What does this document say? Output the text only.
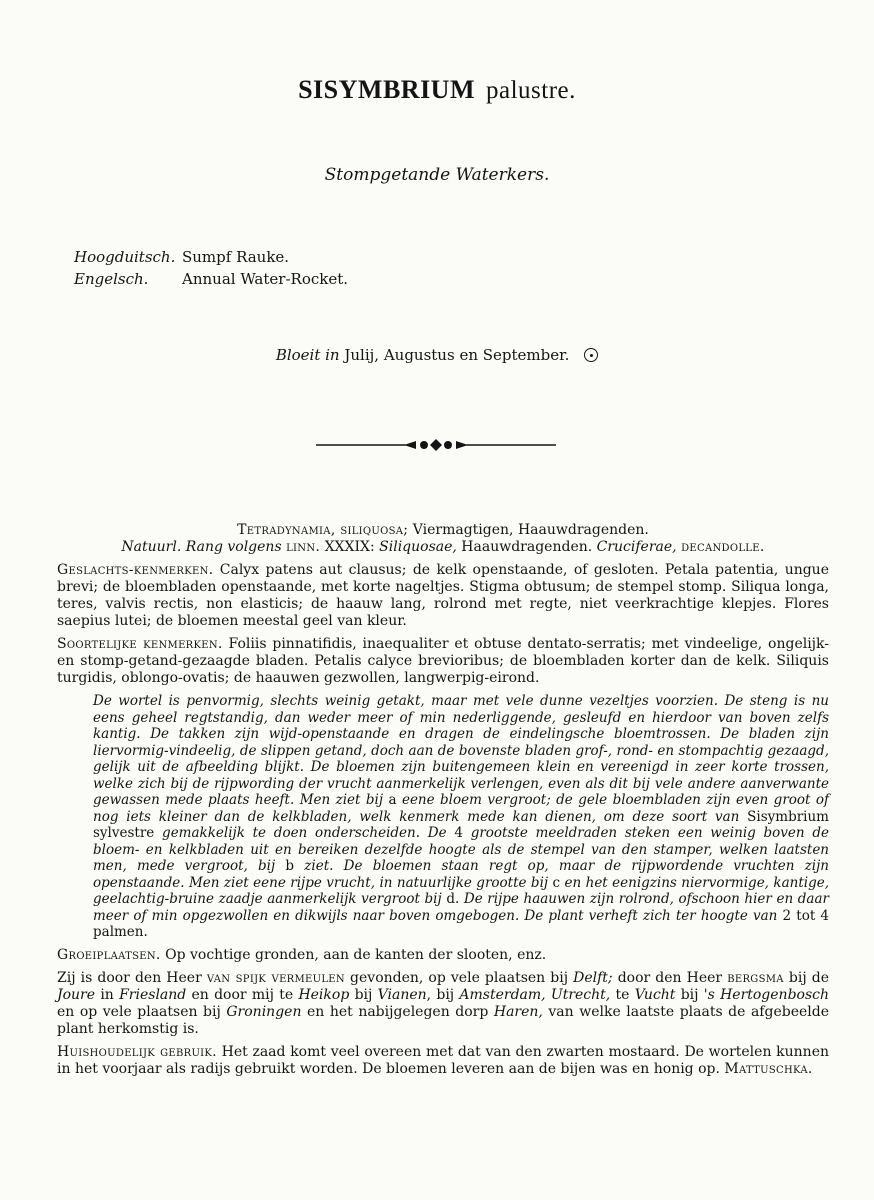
SISYMBRIUM palustre.
Stompgetande Waterkers.
Hoogduitsch. Sumpf Rauke.
Engelsch.	Annual Water-Rocket.
Bloeit in Julij, Augustus en September.
Tetradynamia, siliquosa; Viermagtigen, Haauwdragenden.
Natuurl. Rang volgens linn. XXXIX: Siliquosae, Haauwdragenden. Cruciferae, decandolle.

Geslachts-kenmerken. Calyx patens aut clausus; de kelk openstaande, of gesloten. Petala patentia, ungue brevi; de bloembladen openstaande, met korte nageltjes. Stigma obtusum; de stempel stomp. Siliqua longa, teres, valvis rectis, non elasticis; de haauw lang, rolrond met regte, niet veerkrachtige klepjes. Flores saepius lutei; de bloemen meestal geel van kleur.

Soortelijke kenmerken. Foliis pinnatifidis, inaequaliter et obtuse dentato-serratis; met vindeelige, ongelijk- en stomp-getand-gezaagde bladen. Petalis calyce brevioribus; de bloembladen korter dan de kelk. Siliquis turgidis, oblongo-ovatis; de haauwen gezwollen, langwerpig-eirond.

De wortel is penvormig, slechts weinig getakt, maar met vele dunne vezeltjes voorzien. De steng is nu eens geheel regtstandig, dan weder meer of min nederliggende, gesleufd en hierdoor van boven zelfs kantig. De takken zijn wijd-openstaande en dragen de eindelingsche bloemtrossen. De bladen zijn liervormig-vindeelig, de slippen getand, doch aan de bovenste bladen grof-, rond- en stompachtig gezaagd, gelijk uit de afbeelding blijkt. De bloemen zijn buitengemeen klein en vereenigd in zeer korte trossen, welke zich bij de rijpwording der vrucht aanmerkelijk verlengen, even als dit bij vele andere aanverwante gewassen mede plaats heeft. Men ziet bij a eene bloem vergroot; de gele bloembladen zijn even groot of nog iets kleiner dan de kelkbladen, welk kenmerk mede kan dienen, om deze soort van Sisymbrium sylvestre gemakkelijk te doen onderscheiden. De 4 grootste meeldraden steken een weinig boven de bloem- en kelkbladen uit en bereiken dezelfde hoogte als de stempel van den stamper, welken laatsten men, mede vergroot, bij b ziet. De bloemen staan regt op, maar de rijpwordende vruchten zijn openstaande. Men ziet eene rijpe vrucht, in natuurlijke grootte bij c en het eenigzins niervormige, kantige, geelachtig-bruine zaadje aanmerkelijk vergroot bij d. De rijpe haauwen zijn rolrond, ofschoon hier en daar meer of min opgezwollen en dikwijls naar boven omgebogen. De plant verheft zich ter hoogte van 2 tot 4 palmen.

Groeiplaatsen. Op vochtige gronden, aan de kanten der slooten, enz.

Zij is door den Heer van spijk vermeulen gevonden, op vele plaatsen bij Delft; door den Heer bergsma bij de Joure in Friesland en door mij te Heikop bij Vianen, bij Amsterdam, Utrecht, te Vucht bij 's Hertogenbosch en op vele plaatsen bij Groningen en het nabijgelegen dorp Haren, van welke laatste plaats de afgebeelde plant herkomstig is.

Huishoudelijk gebruik. Het zaad komt veel overeen met dat van den zwarten mostaard. De wortelen kunnen in het voorjaar als radijs gebruikt worden. De bloemen leveren aan de bijen was en honig op. Mattuschka.
